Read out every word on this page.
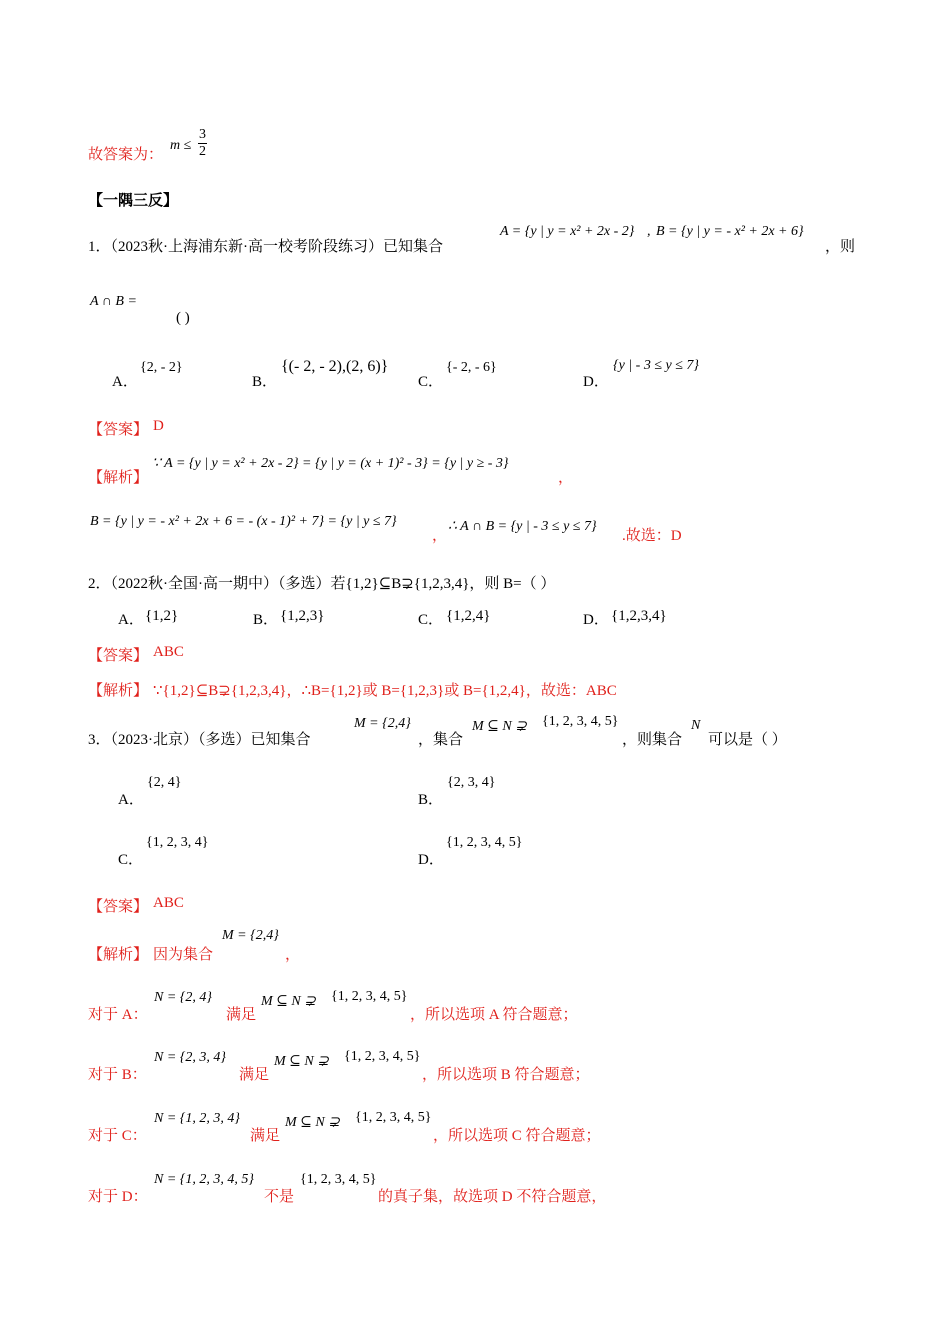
故答案为：
$m \le \frac{3}{2}$
【一隅三反】
1．（2023秋·上海浦东新·高一校考阶段练习）已知集合
A = {y | y = x² + 2x - 2} , B = {y | y = - x² + 2x + 6}
，则
A ∩ B =
( )
A．
{2, - 2}
B．
{(- 2, - 2),(2, 6)}
C．
{- 2, - 6}
D．
{y | - 3 ≤ y ≤ 7}
【答案】 D
【解析】
∵ A = {y | y = x² + 2x - 2} = {y | y = (x + 1)² - 3} = {y | y ≥ - 3}
，
B = {y | y = - x² + 2x + 6 = - (x - 1)² + 7} = {y | y ≤ 7}
，
∴ A ∩ B = {y | - 3 ≤ y ≤ 7}
.故选：D
2．（2022秋·全国·高一期中）（多选）若{1,2}⊆B⊋{1,2,3,4}，则 B=（ ）
A． {1,2}	B． {1,2,3}	C． {1,2,4}	D． {1,2,3,4}
【答案】 ABC
【解析】 ∵{1,2}⊆B⊋{1,2,3,4}，∴B={1,2}或 B={1,2,3}或 B={1,2,4}，故选：ABC
3．（2023·北京）（多选）已知集合
M = {2,4}
，集合
M ⊆ N ⊋ {1, 2, 3, 4, 5}
，则集合
N
可以是（ ）
A．
{2, 4}
B．
{2, 3, 4}
C．
{1, 2, 3, 4}
D．
{1, 2, 3, 4, 5}
【答案】 ABC
【解析】 因为集合
M = {2,4}
，
对于 A：
N = {2, 4}
满足
M ⊆ N ⊋ {1, 2, 3, 4, 5}
，所以选项 A 符合题意；
对于 B：
N = {2, 3, 4}
满足
M ⊆ N ⊋ {1, 2, 3, 4, 5}
，所以选项 B 符合题意；
对于 C：
N = {1, 2, 3, 4}
满足
M ⊆ N ⊋ {1, 2, 3, 4, 5}
，所以选项 C 符合题意；
对于 D：
N = {1, 2, 3, 4, 5}
不是
{1, 2, 3, 4, 5}
的真子集，故选项 D 不符合题意，
